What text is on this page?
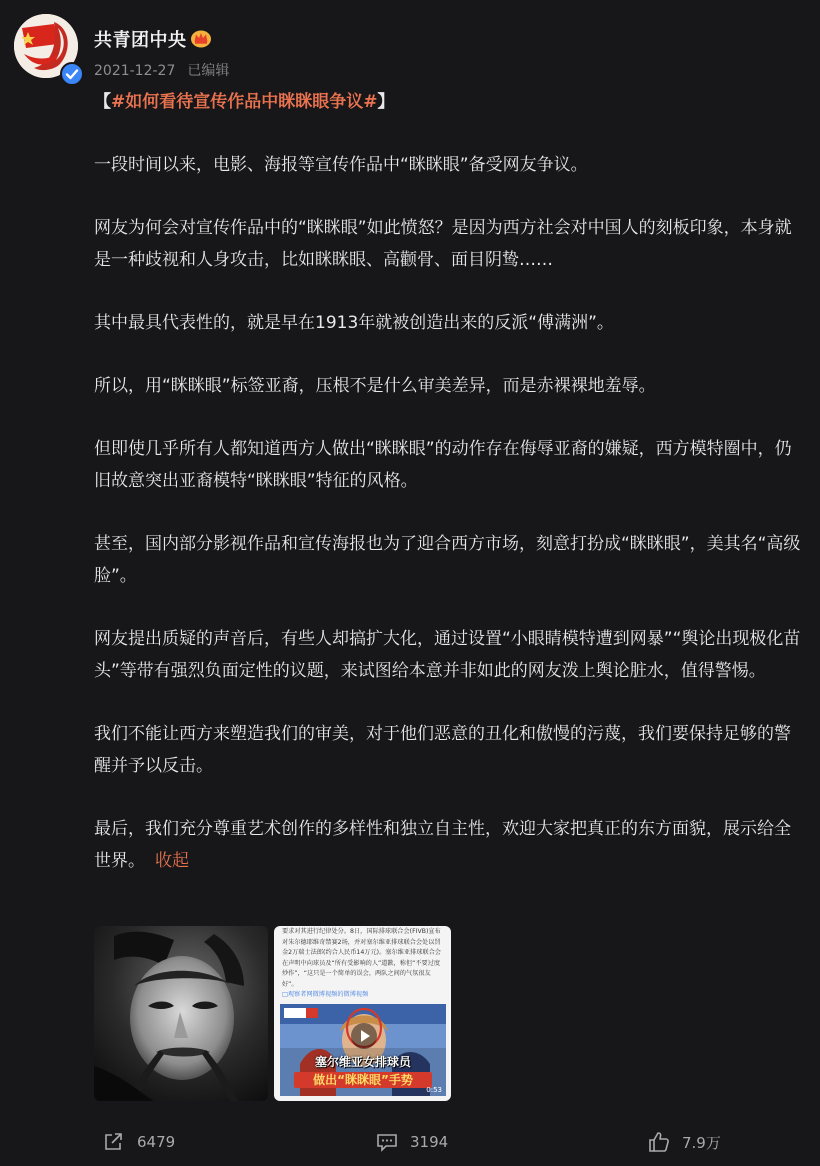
共青团中央
2021-12-27 已编辑

【#如何看待宣传作品中眯眯眼争议#】

一段时间以来，电影、海报等宣传作品中“眯眯眼”备受网友争议。

网友为何会对宣传作品中的“眯眯眼”如此愤怒？是因为西方社会对中国人的刻板印象，本身就是一种歧视和人身攻击，比如眯眯眼、高颧骨、面目阴鸷……

其中最具代表性的，就是早在1913年就被创造出来的反派“傅满洲”。

所以，用“眯眯眼”标签亚裔，压根不是什么审美差异，而是赤裸裸地羞辱。

但即使几乎所有人都知道西方人做出“眯眯眼”的动作存在侮辱亚裔的嫌疑，西方模特圈中，仍旧故意突出亚裔模特“眯眯眼”特征的风格。

甚至，国内部分影视作品和宣传海报也为了迎合西方市场，刻意打扮成“眯眯眼”，美其名“高级脸”。

网友提出质疑的声音后，有些人却搞扩大化，通过设置“小眼睛模特遭到网暴”“舆论出现极化苗头”等带有强烈负面定性的议题，来试图给本意并非如此的网友泼上舆论脏水，值得警惕。

我们不能让西方来塑造我们的审美，对于他们恶意的丑化和傲慢的污蔑，我们要保持足够的警醒并予以反击。

最后，我们充分尊重艺术创作的多样性和独立自主性，欢迎大家把真正的东方面貌，展示给全世界。 收起

要求对其进行纪律处分。8日，国际排球联合会(FIVB)宣布对朱尔德耶维奇禁赛2场，并对塞尔维亚排球联合会处以罚金2万瑞士法郎(约合人民币14万元)。塞尔维亚排球联合会在声明中向球员及“所有受影响的人”道歉，称但“不要过度炒作”，“这只是一个简单的误会，两队之间的气氛很友好”。
□观察者网微博视频的微博视频
塞尔维亚女排球员
做出“眯眯眼”手势
0:53
6479	3194	7.9万
